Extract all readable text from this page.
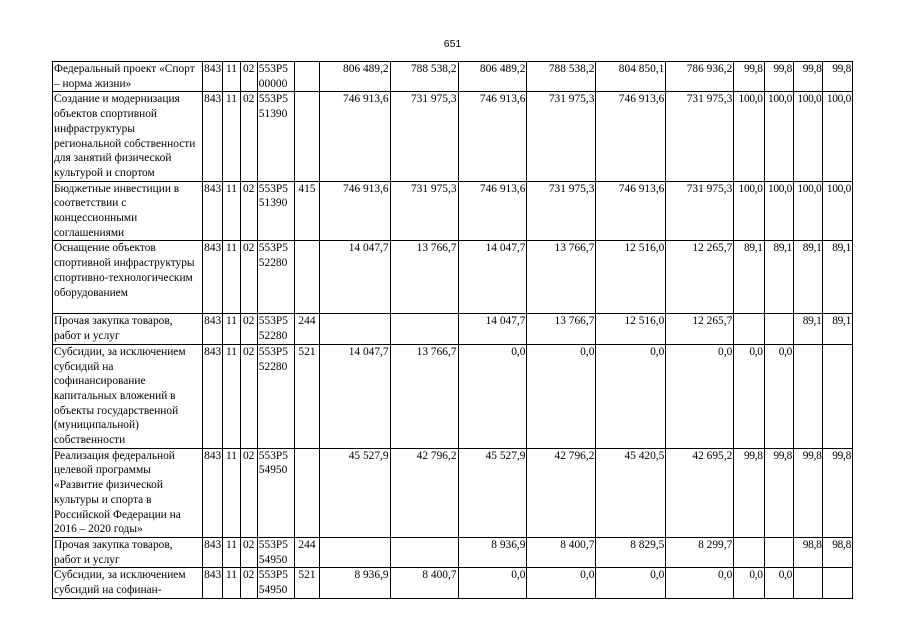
651
Федеральный проект «Спорт – норма жизни»	843	11	02	553Р5 00000		806 489,2	788 538,2	806 489,2	788 538,2	804 850,1	786 936,2	99,8	99,8	99,8	99,8
Создание и модернизация объектов спортивной инфраструктуры региональной собственности для занятий физической культурой и спортом	843	11	02	553Р5 51390		746 913,6	731 975,3	746 913,6	731 975,3	746 913,6	731 975,3	100,0	100,0	100,0	100,0
Бюджетные инвестиции в соответствии с концессионными соглашениями	843	11	02	553Р5 51390	415	746 913,6	731 975,3	746 913,6	731 975,3	746 913,6	731 975,3	100,0	100,0	100,0	100,0
Оснащение объектов спортивной инфраструктуры спортивно-технологическим оборудованием	843	11	02	553Р5 52280		14 047,7	13 766,7	14 047,7	13 766,7	12 516,0	12 265,7	89,1	89,1	89,1	89,1
Прочая закупка товаров, работ и услуг	843	11	02	553Р5 52280	244			14 047,7	13 766,7	12 516,0	12 265,7			89,1	89,1
Субсидии, за исключением субсидий на софинансирование капитальных вложений в объекты государственной (муниципальной) собственности	843	11	02	553Р5 52280	521	14 047,7	13 766,7	0,0	0,0	0,0	0,0	0,0	0,0		
Реализация федеральной целевой программы «Развитие физической культуры и спорта в Российской Федерации на 2016 – 2020 годы»	843	11	02	553Р5 54950		45 527,9	42 796,2	45 527,9	42 796,2	45 420,5	42 695,2	99,8	99,8	99,8	99,8
Прочая закупка товаров, работ и услуг	843	11	02	553Р5 54950	244			8 936,9	8 400,7	8 829,5	8 299,7			98,8	98,8
Субсидии, за исключением субсидий на софинан-	843	11	02	553Р5 54950	521	8 936,9	8 400,7	0,0	0,0	0,0	0,0	0,0	0,0		
